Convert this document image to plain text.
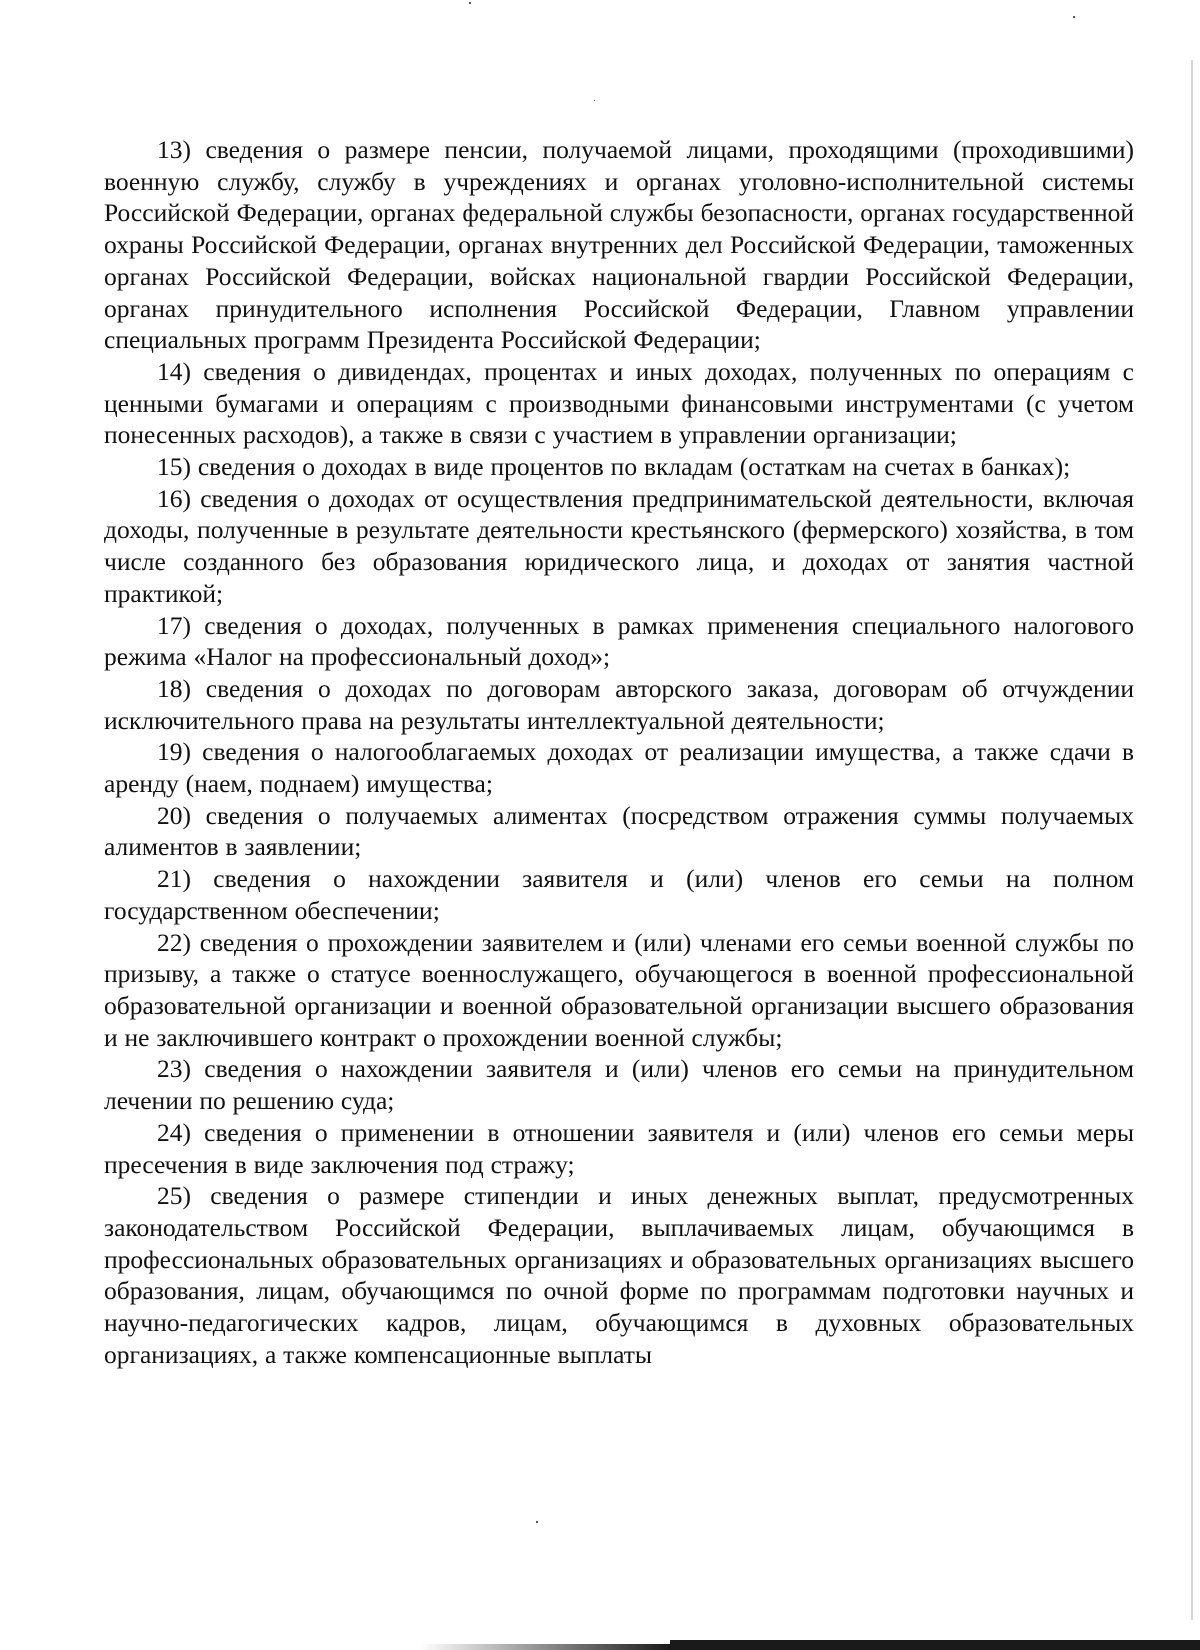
13) сведения о размере пенсии, получаемой лицами, проходящими (проходившими) военную службу, службу в учреждениях и органах уголовно-исполнительной системы Российской Федерации, органах федеральной службы безопасности, органах государственной охраны Российской Федерации, органах внутренних дел Российской Федерации, таможенных органах Российской Федерации, войсках национальной гвардии Российской Федерации, органах принудительного исполнения Российской Федерации, Главном управлении специальных программ Президента Российской Федерации;

14) сведения о дивидендах, процентах и иных доходах, полученных по операциям с ценными бумагами и операциям с производными финансовыми инструментами (с учетом понесенных расходов), а также в связи с участием в управлении организации;

15) сведения о доходах в виде процентов по вкладам (остаткам на счетах в банках);

16) сведения о доходах от осуществления предпринимательской деятельности, включая доходы, полученные в результате деятельности крестьянского (фермерского) хозяйства, в том числе созданного без образования юридического лица, и доходах от занятия частной практикой;

17) сведения о доходах, полученных в рамках применения специального налогового режима «Налог на профессиональный доход»;

18) сведения о доходах по договорам авторского заказа, договорам об отчуждении исключительного права на результаты интеллектуальной деятельности;

19) сведения о налогооблагаемых доходах от реализации имущества, а также сдачи в аренду (наем, поднаем) имущества;

20) сведения о получаемых алиментах (посредством отражения суммы получаемых алиментов в заявлении;

21) сведения о нахождении заявителя и (или) членов его семьи на полном государственном обеспечении;

22) сведения о прохождении заявителем и (или) членами его семьи военной службы по призыву, а также о статусе военнослужащего, обучающегося в военной профессиональной образовательной организации и военной образовательной организации высшего образования и не заключившего контракт о прохождении военной службы;

23) сведения о нахождении заявителя и (или) членов его семьи на принудительном лечении по решению суда;

24) сведения о применении в отношении заявителя и (или) членов его семьи меры пресечения в виде заключения под стражу;

25) сведения о размере стипендии и иных денежных выплат, предусмотренных законодательством Российской Федерации, выплачиваемых лицам, обучающимся в профессиональных образовательных организациях и образовательных организациях высшего образования, лицам, обучающимся по очной форме по программам подготовки научных и научно-педагогических кадров, лицам, обучающимся в духовных образовательных организациях, а также компенсационные выплаты
